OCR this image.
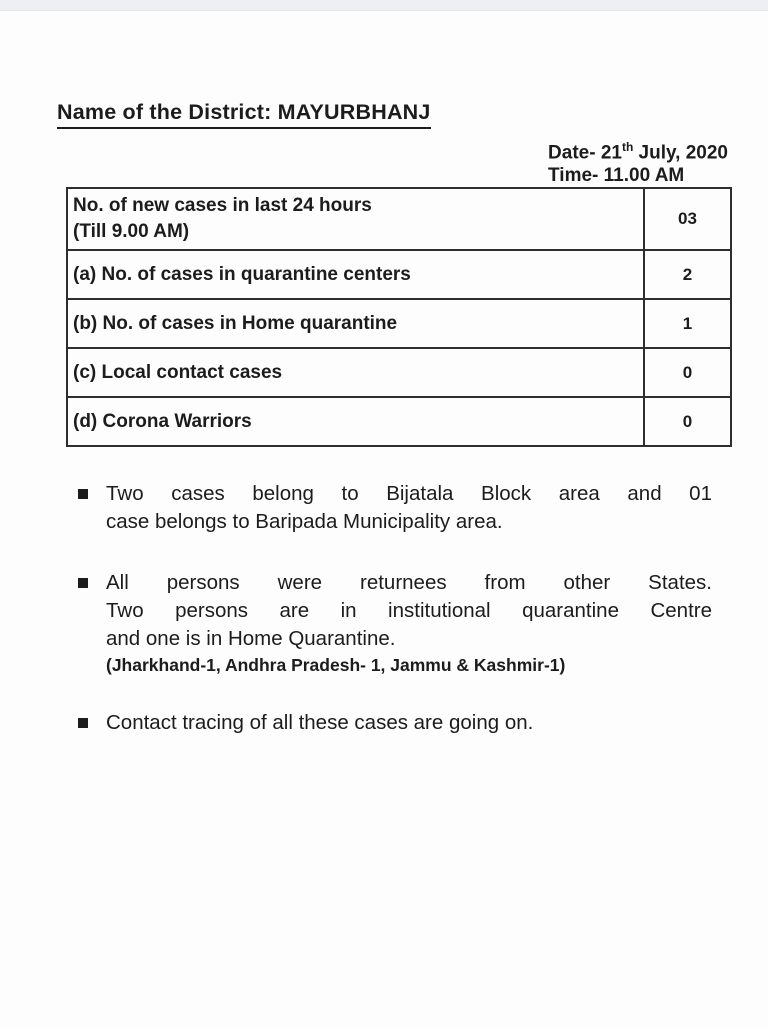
Name of the District: MAYURBHANJ
Date- 21th July, 2020
Time- 11.00 AM
No. of new cases in last 24 hours
(Till 9.00 AM)	03
(a) No. of cases in quarantine centers	2
(b) No. of cases in Home quarantine	1
(c) Local contact cases	0
(d) Corona Warriors	0
Two cases belong to Bijatala Block area and 01
case belongs to Baripada Municipality area.
All persons were returnees from other States.
Two persons are in institutional quarantine Centre
and one is in Home Quarantine.
(Jharkhand-1, Andhra Pradesh- 1, Jammu & Kashmir-1)
Contact tracing of all these cases are going on.
